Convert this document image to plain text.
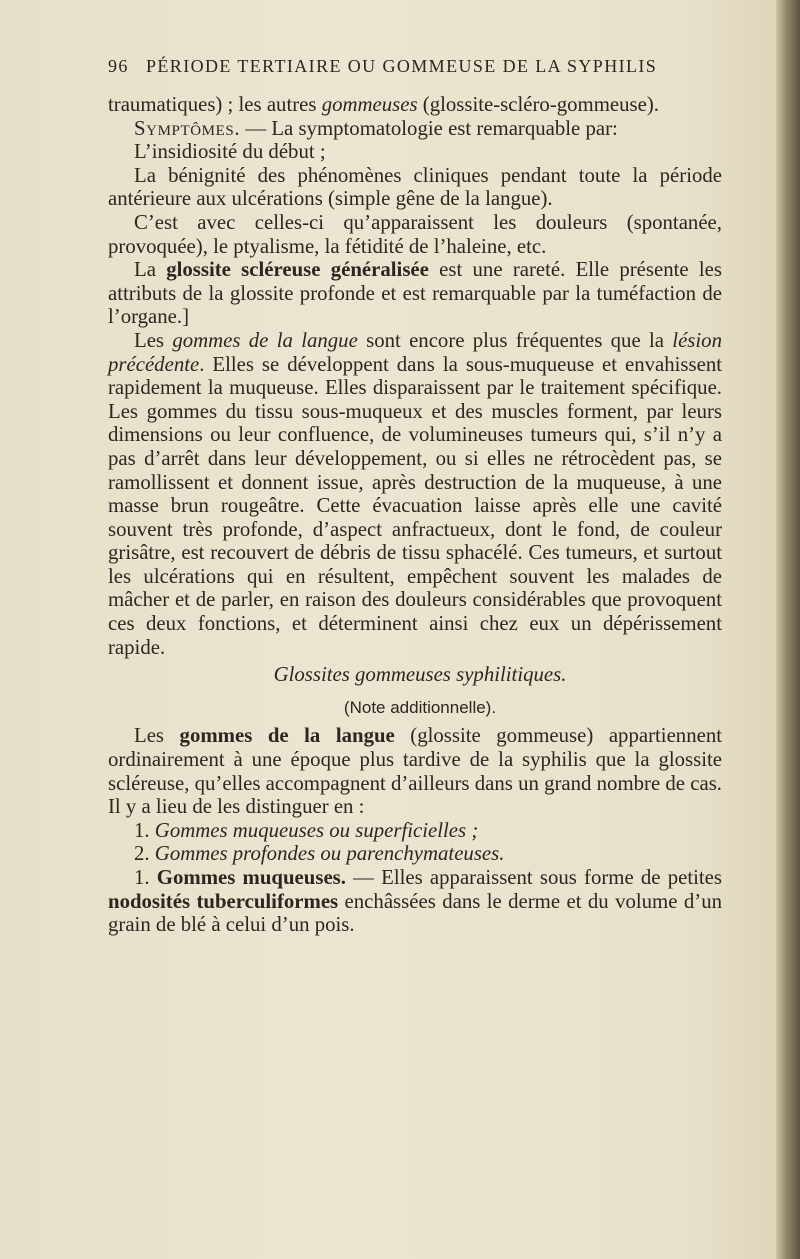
96 PÉRIODE TERTIAIRE OU GOMMEUSE DE LA SYPHILIS

traumatiques) ; les autres gommeuses (glossite-scléro-gommeuse).

Symptômes. — La symptomatologie est remarquable par:

L’insidiosité du début ;

La bénignité des phénomènes cliniques pendant toute la période antérieure aux ulcérations (simple gêne de la langue).

C’est avec celles-ci qu’apparaissent les douleurs (spontanée, provoquée), le ptyalisme, la fétidité de l’haleine, etc.

La glossite scléreuse généralisée est une rareté. Elle présente les attributs de la glossite profonde et est remarquable par la tuméfaction de l’organe.]

Les gommes de la langue sont encore plus fréquentes que la lésion précédente. Elles se développent dans la sous-muqueuse et envahissent rapidement la muqueuse. Elles disparaissent par le traitement spécifique. Les gommes du tissu sous-muqueux et des muscles forment, par leurs dimensions ou leur confluence, de volumineuses tumeurs qui, s’il n’y a pas d’arrêt dans leur développement, ou si elles ne rétrocèdent pas, se ramollissent et donnent issue, après destruction de la muqueuse, à une masse brun rougeâtre. Cette évacuation laisse après elle une cavité souvent très profonde, d’aspect anfractueux, dont le fond, de couleur grisâtre, est recouvert de débris de tissu sphacélé. Ces tumeurs, et surtout les ulcérations qui en résultent, empêchent souvent les malades de mâcher et de parler, en raison des douleurs considérables que provoquent ces deux fonctions, et déterminent ainsi chez eux un dépérissement rapide.

Glossites gommeuses syphilitiques.

(Note additionnelle).

Les gommes de la langue (glossite gommeuse) appartiennent ordinairement à une époque plus tardive de la syphilis que la glossite scléreuse, qu’elles accompagnent d’ailleurs dans un grand nombre de cas. Il y a lieu de les distinguer en :

1. Gommes muqueuses ou superficielles ;

2. Gommes profondes ou parenchymateuses.

1. Gommes muqueuses. — Elles apparaissent sous forme de petites nodosités tuberculiformes enchâssées dans le derme et du volume d’un grain de blé à celui d’un pois.
